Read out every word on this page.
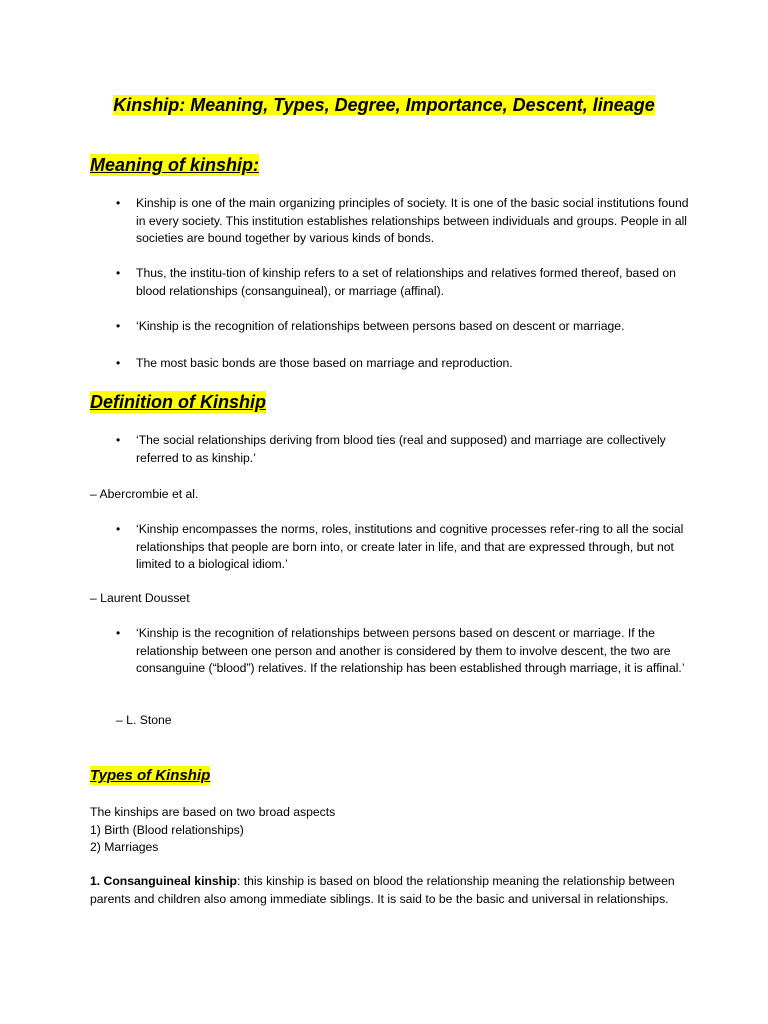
Kinship: Meaning, Types, Degree, Importance, Descent, lineage
Meaning of kinship:
• Kinship is one of the main organizing principles of society. It is one of the basic social institutions found in every society. This institution establishes relationships between individuals and groups. People in all societies are bound together by various kinds of bonds.
• Thus, the institu-tion of kinship refers to a set of relationships and relatives formed thereof, based on blood relationships (consanguineal), or marriage (affinal).
• ‘Kinship is the recognition of relationships between persons based on descent or marriage.
• The most basic bonds are those based on marriage and reproduction.
Definition of Kinship
• ‘The social relationships deriving from blood ties (real and supposed) and marriage are collectively referred to as kinship.’
– Abercrombie et al.
• ‘Kinship encompasses the norms, roles, institutions and cognitive processes refer-ring to all the social relationships that people are born into, or create later in life, and that are expressed through, but not limited to a biological idiom.’
– Laurent Dousset
• ‘Kinship is the recognition of relationships between persons based on descent or marriage. If the relationship between one person and another is considered by them to involve descent, the two are consanguine (“blood”) relatives. If the relationship has been established through marriage, it is affinal.’
– L. Stone
Types of Kinship
The kinships are based on two broad aspects
1) Birth (Blood relationships)
2) Marriages
1. Consanguineal kinship: this kinship is based on blood the relationship meaning the relationship between parents and children also among immediate siblings. It is said to be the basic and universal in relationships.
